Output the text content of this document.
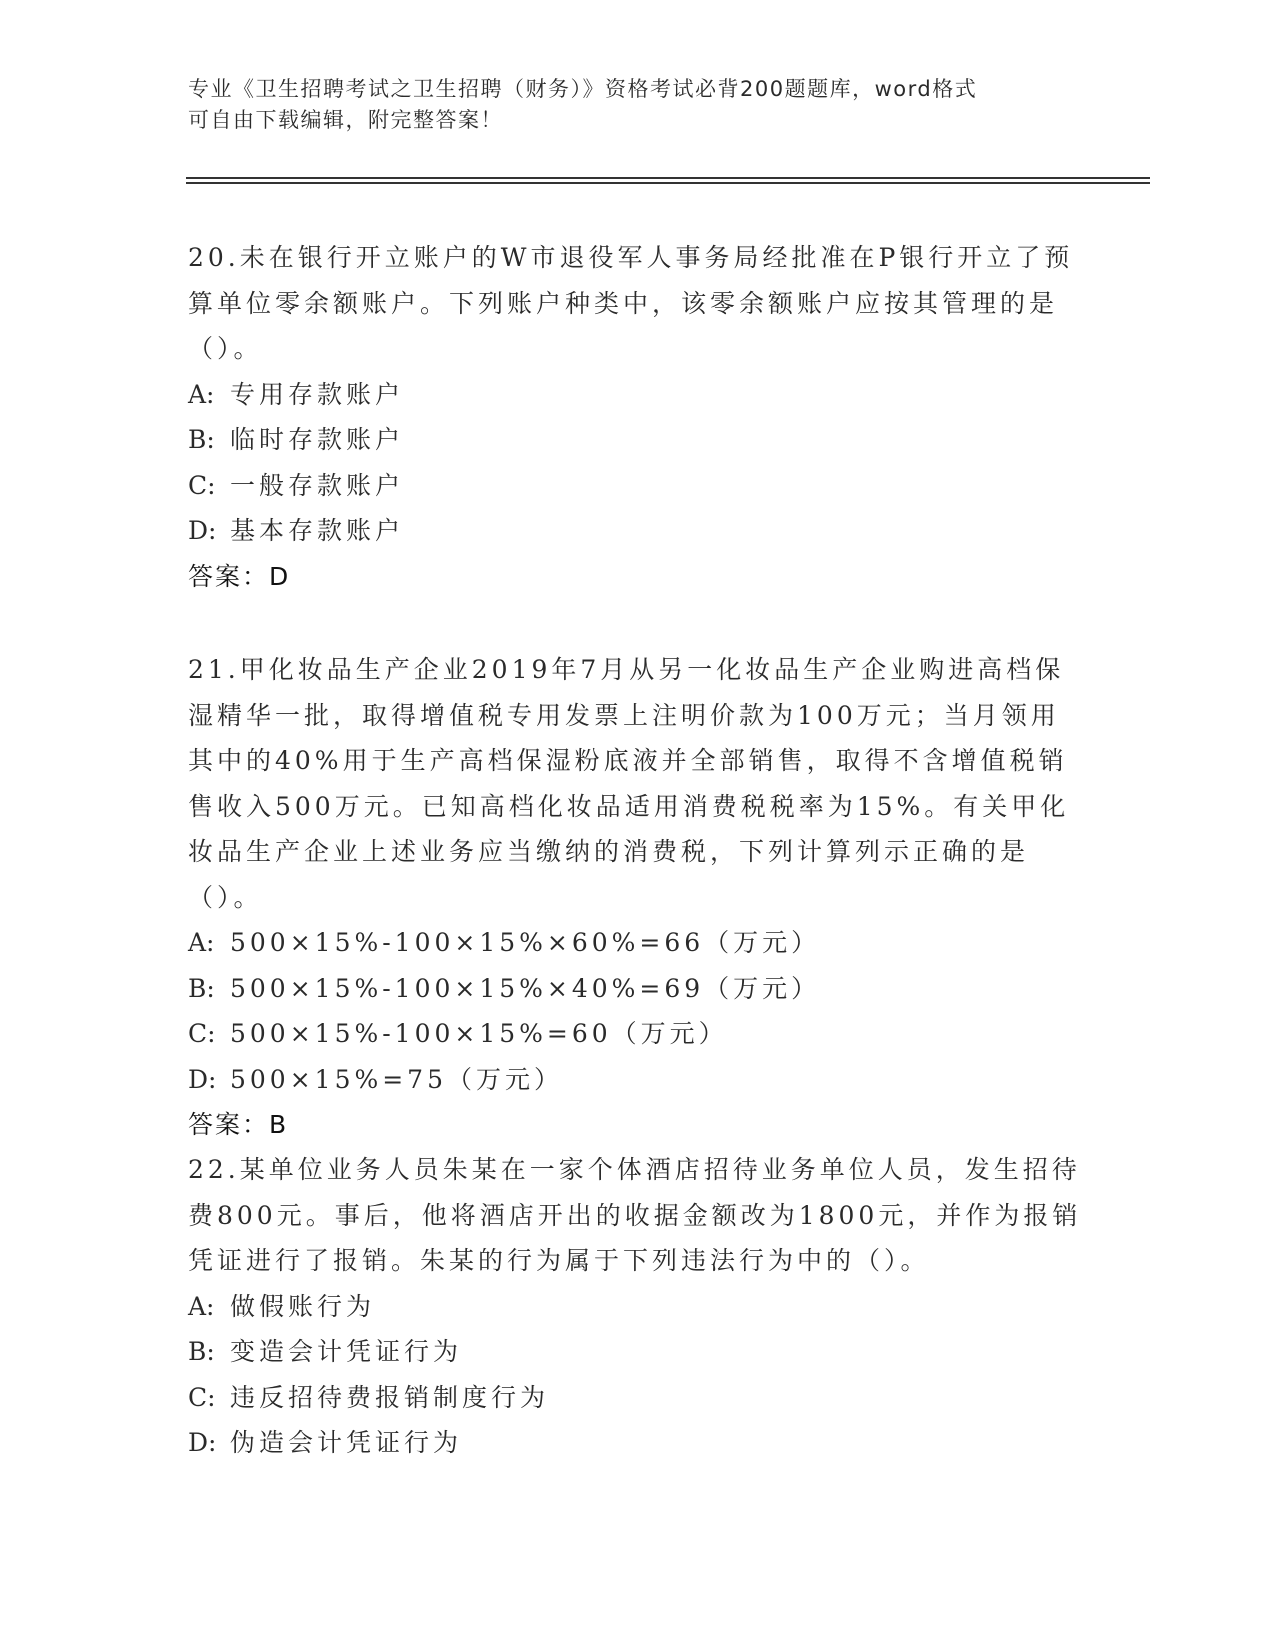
专业《卫生招聘考试之卫生招聘（财务）》资格考试必背200题题库，word格式
可自由下载编辑，附完整答案！
20.未在银行开立账户的W市退役军人事务局经批准在P银行开立了预算单位零余额账户。下列账户种类中，该零余额账户应按其管理的是（）。
A: 专用存款账户
B: 临时存款账户
C: 一般存款账户
D: 基本存款账户
答案：D
21.甲化妆品生产企业2019年7月从另一化妆品生产企业购进高档保湿精华一批，取得增值税专用发票上注明价款为100万元；当月领用其中的40%用于生产高档保湿粉底液并全部销售，取得不含增值税销售收入500万元。已知高档化妆品适用消费税税率为15%。有关甲化妆品生产企业上述业务应当缴纳的消费税，下列计算列示正确的是（）。
A: 500×15%-100×15%×60%=66（万元）
B: 500×15%-100×15%×40%=69（万元）
C: 500×15%-100×15%=60（万元）
D: 500×15%=75（万元）
答案：B
22.某单位业务人员朱某在一家个体酒店招待业务单位人员，发生招待费800元。事后，他将酒店开出的收据金额改为1800元，并作为报销凭证进行了报销。朱某的行为属于下列违法行为中的（）。
A: 做假账行为
B: 变造会计凭证行为
C: 违反招待费报销制度行为
D: 伪造会计凭证行为
